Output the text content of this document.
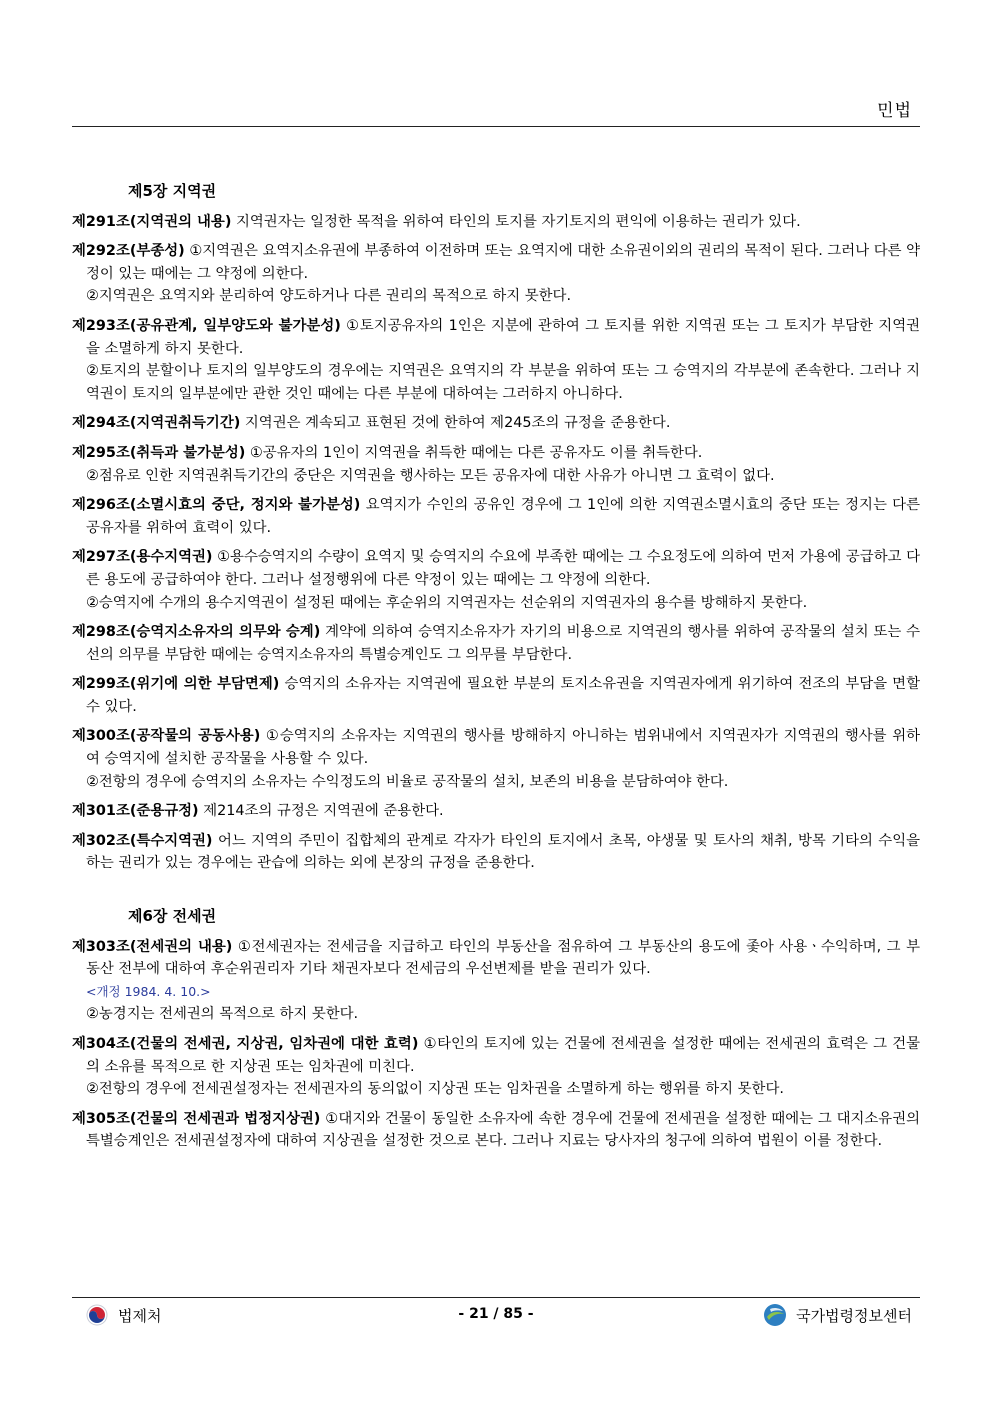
민법
제5장 지역권

제291조(지역권의 내용) 지역권자는 일정한 목적을 위하여 타인의 토지를 자기토지의 편익에 이용하는 권리가 있다.

제292조(부종성) ①지역권은 요역지소유권에 부종하여 이전하며 또는 요역지에 대한 소유권이외의 권리의 목적이 된다. 그러나 다른 약정이 있는 때에는 그 약정에 의한다.

②지역권은 요역지와 분리하여 양도하거나 다른 권리의 목적으로 하지 못한다.

제293조(공유관계, 일부양도와 불가분성) ①토지공유자의 1인은 지분에 관하여 그 토지를 위한 지역권 또는 그 토지가 부담한 지역권을 소멸하게 하지 못한다.

②토지의 분할이나 토지의 일부양도의 경우에는 지역권은 요역지의 각 부분을 위하여 또는 그 승역지의 각부분에 존속한다. 그러나 지역권이 토지의 일부분에만 관한 것인 때에는 다른 부분에 대하여는 그러하지 아니하다.

제294조(지역권취득기간) 지역권은 계속되고 표현된 것에 한하여 제245조의 규정을 준용한다.

제295조(취득과 불가분성) ①공유자의 1인이 지역권을 취득한 때에는 다른 공유자도 이를 취득한다.

②점유로 인한 지역권취득기간의 중단은 지역권을 행사하는 모든 공유자에 대한 사유가 아니면 그 효력이 없다.

제296조(소멸시효의 중단, 정지와 불가분성) 요역지가 수인의 공유인 경우에 그 1인에 의한 지역권소멸시효의 중단 또는 정지는 다른 공유자를 위하여 효력이 있다.

제297조(용수지역권) ①용수승역지의 수량이 요역지 및 승역지의 수요에 부족한 때에는 그 수요정도에 의하여 먼저 가용에 공급하고 다른 용도에 공급하여야 한다. 그러나 설정행위에 다른 약정이 있는 때에는 그 약정에 의한다.

②승역지에 수개의 용수지역권이 설정된 때에는 후순위의 지역권자는 선순위의 지역권자의 용수를 방해하지 못한다.

제298조(승역지소유자의 의무와 승계) 계약에 의하여 승역지소유자가 자기의 비용으로 지역권의 행사를 위하여 공작물의 설치 또는 수선의 의무를 부담한 때에는 승역지소유자의 특별승계인도 그 의무를 부담한다.

제299조(위기에 의한 부담면제) 승역지의 소유자는 지역권에 필요한 부분의 토지소유권을 지역권자에게 위기하여 전조의 부담을 면할 수 있다.

제300조(공작물의 공동사용) ①승역지의 소유자는 지역권의 행사를 방해하지 아니하는 범위내에서 지역권자가 지역권의 행사를 위하여 승역지에 설치한 공작물을 사용할 수 있다.

②전항의 경우에 승역지의 소유자는 수익정도의 비율로 공작물의 설치, 보존의 비용을 분담하여야 한다.

제301조(준용규정) 제214조의 규정은 지역권에 준용한다.

제302조(특수지역권) 어느 지역의 주민이 집합체의 관계로 각자가 타인의 토지에서 초목, 야생물 및 토사의 채취, 방목 기타의 수익을 하는 권리가 있는 경우에는 관습에 의하는 외에 본장의 규정을 준용한다.

제6장 전세권

제303조(전세권의 내용) ①전세권자는 전세금을 지급하고 타인의 부동산을 점유하여 그 부동산의 용도에 좇아 사용ㆍ수익하며, 그 부동산 전부에 대하여 후순위권리자 기타 채권자보다 전세금의 우선변제를 받을 권리가 있다.

<개정 1984. 4. 10.>

②농경지는 전세권의 목적으로 하지 못한다.

제304조(건물의 전세권, 지상권, 임차권에 대한 효력) ①타인의 토지에 있는 건물에 전세권을 설정한 때에는 전세권의 효력은 그 건물의 소유를 목적으로 한 지상권 또는 임차권에 미친다.

②전항의 경우에 전세권설정자는 전세권자의 동의없이 지상권 또는 임차권을 소멸하게 하는 행위를 하지 못한다.

제305조(건물의 전세권과 법정지상권) ①대지와 건물이 동일한 소유자에 속한 경우에 건물에 전세권을 설정한 때에는 그 대지소유권의 특별승계인은 전세권설정자에 대하여 지상권을 설정한 것으로 본다. 그러나 지료는 당사자의 청구에 의하여 법원이 이를 정한다.

법제처	- 21 / 85 -	국가법령정보센터
